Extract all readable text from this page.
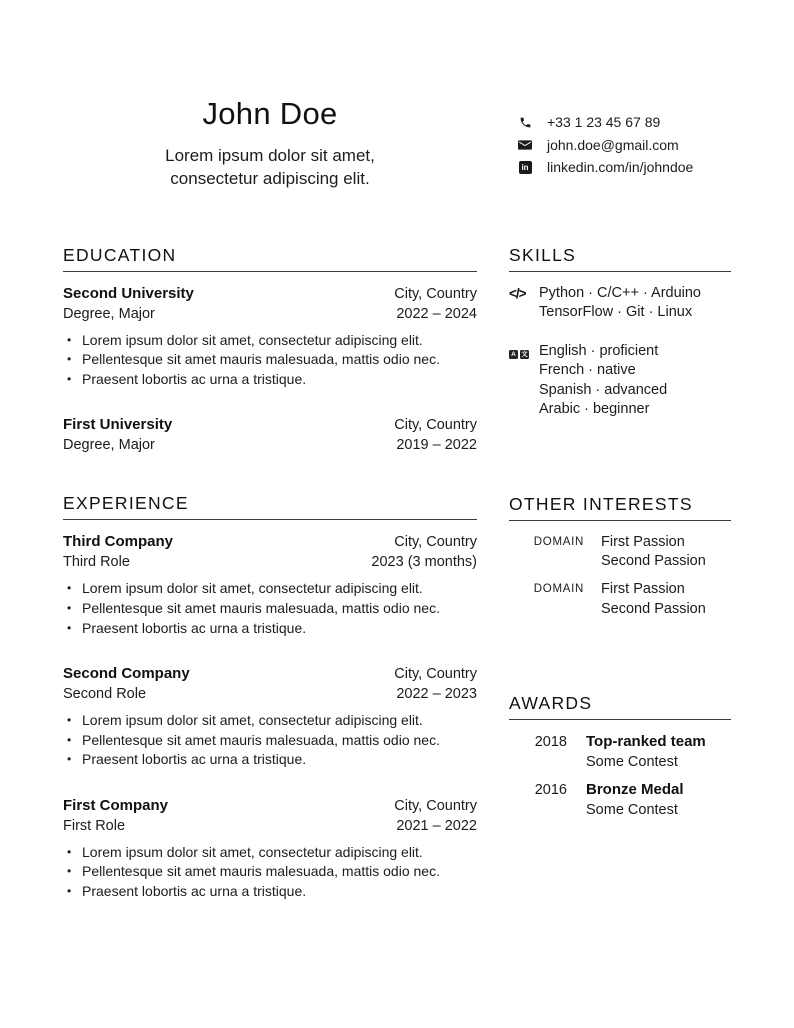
John Doe
Lorem ipsum dolor sit amet,
consectetur adipiscing elit.
+33 1 23 45 67 89
john.doe@gmail.com
in linkedin.com/in/johndoe
EDUCATION
Second University
Degree, Major
City, Country
2022 – 2024
• Lorem ipsum dolor sit amet, consectetur adipiscing elit.
• Pellentesque sit amet mauris malesuada, mattis odio nec.
• Praesent lobortis ac urna a tristique.
First University
Degree, Major
City, Country
2019 – 2022
EXPERIENCE
Third Company
Third Role
City, Country
2023 (3 months)
• Lorem ipsum dolor sit amet, consectetur adipiscing elit.
• Pellentesque sit amet mauris malesuada, mattis odio nec.
• Praesent lobortis ac urna a tristique.
Second Company
Second Role
City, Country
2022 – 2023
• Lorem ipsum dolor sit amet, consectetur adipiscing elit.
• Pellentesque sit amet mauris malesuada, mattis odio nec.
• Praesent lobortis ac urna a tristique.
First Company
First Role
City, Country
2021 – 2022
• Lorem ipsum dolor sit amet, consectetur adipiscing elit.
• Pellentesque sit amet mauris malesuada, mattis odio nec.
• Praesent lobortis ac urna a tristique.
SKILLS
</> Python · C/C++ · Arduino
TensorFlow · Git · Linux
A 文 English · proficient
French · native
Spanish · advanced
Arabic · beginner
OTHER INTERESTS
DOMAIN First Passion
Second Passion
DOMAIN First Passion
Second Passion
AWARDS
2018 Top-ranked team
Some Contest
2016 Bronze Medal
Some Contest
